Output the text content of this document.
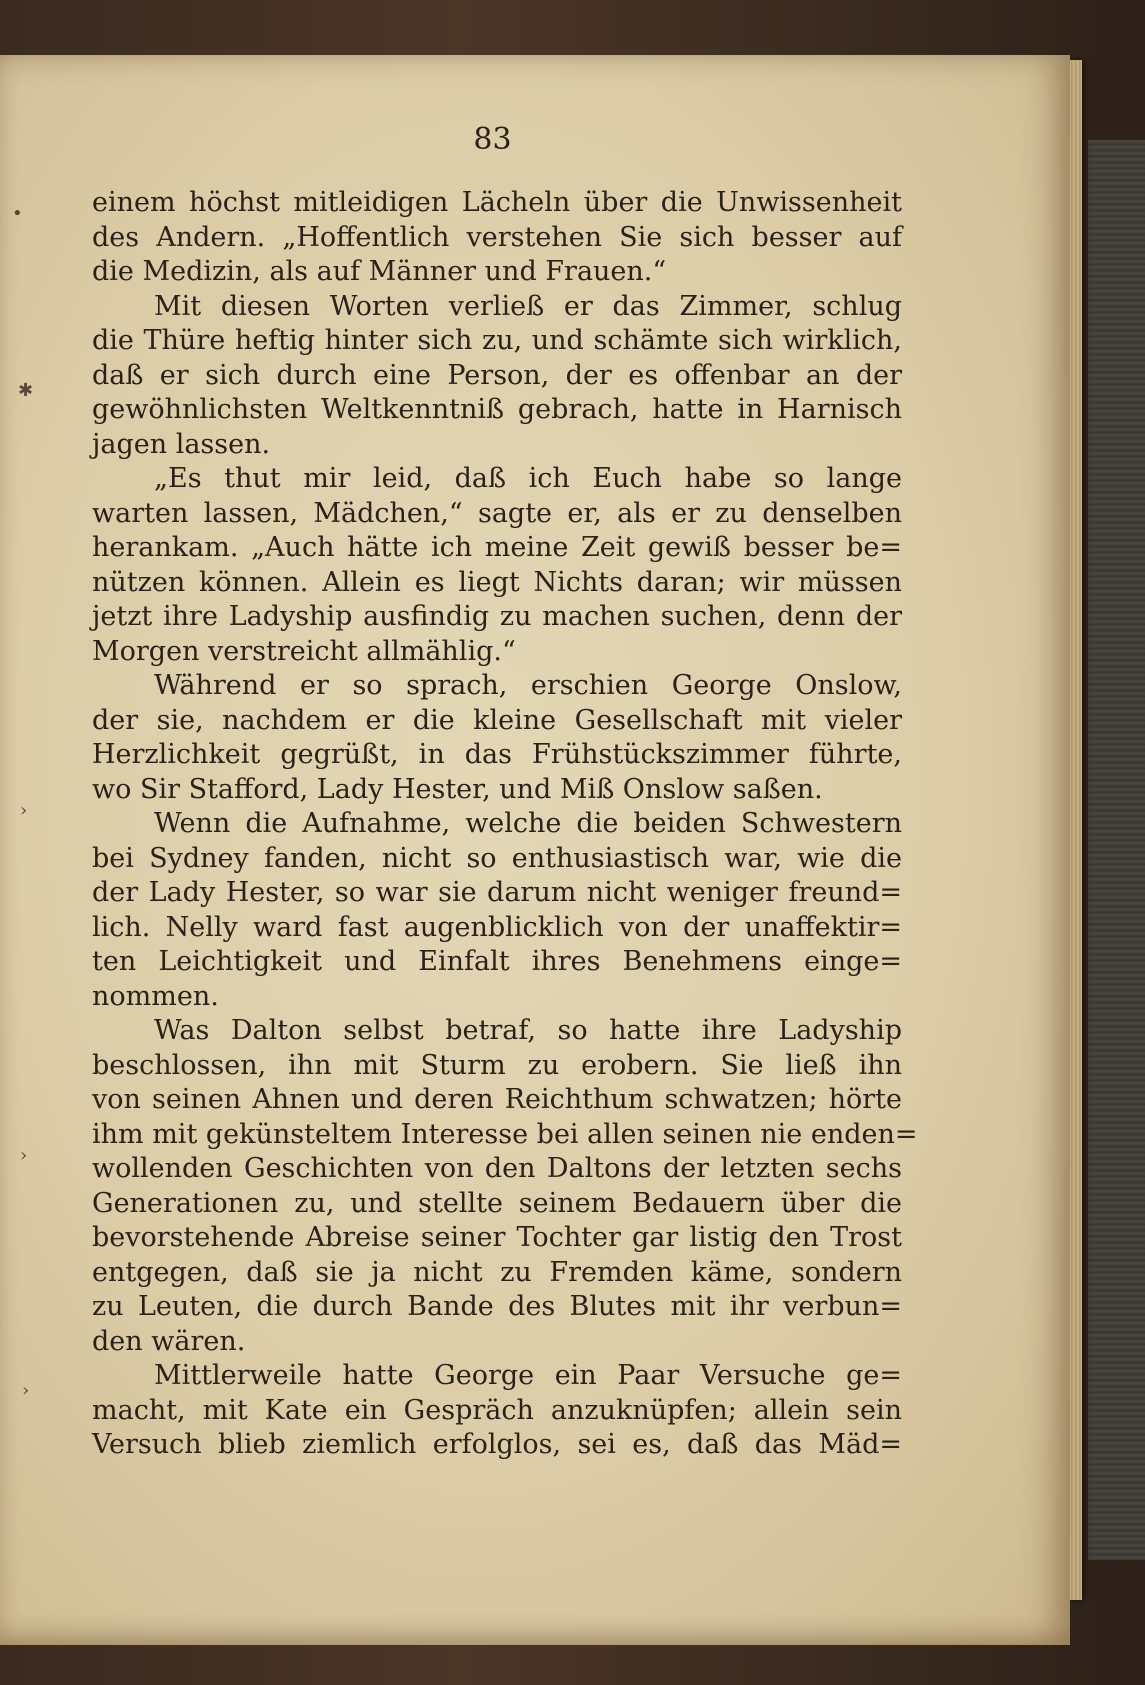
•
✱
›
›
›
83
einem höchst mitleidigen Lächeln über die Unwissenheit
des Andern. „Hoffentlich verstehen Sie sich besser auf
die Medizin, als auf Männer und Frauen.“
Mit diesen Worten verließ er das Zimmer, schlug
die Thüre heftig hinter sich zu, und schämte sich wirklich,
daß er sich durch eine Person, der es offenbar an der
gewöhnlichsten Weltkenntniß gebrach, hatte in Harnisch
jagen lassen.
„Es thut mir leid, daß ich Euch habe so lange
warten lassen, Mädchen,“ sagte er, als er zu denselben
herankam. „Auch hätte ich meine Zeit gewiß besser be=
nützen können. Allein es liegt Nichts daran; wir müssen
jetzt ihre Ladyship ausfindig zu machen suchen, denn der
Morgen verstreicht allmählig.“
Während er so sprach, erschien George Onslow,
der sie, nachdem er die kleine Gesellschaft mit vieler
Herzlichkeit gegrüßt, in das Frühstückszimmer führte,
wo Sir Stafford, Lady Hester, und Miß Onslow saßen.
Wenn die Aufnahme, welche die beiden Schwestern
bei Sydney fanden, nicht so enthusiastisch war, wie die
der Lady Hester, so war sie darum nicht weniger freund=
lich. Nelly ward fast augenblicklich von der unaffektir=
ten Leichtigkeit und Einfalt ihres Benehmens einge=
nommen.
Was Dalton selbst betraf, so hatte ihre Ladyship
beschlossen, ihn mit Sturm zu erobern. Sie ließ ihn
von seinen Ahnen und deren Reichthum schwatzen; hörte
ihm mit gekünsteltem Interesse bei allen seinen nie enden=
wollenden Geschichten von den Daltons der letzten sechs
Generationen zu, und stellte seinem Bedauern über die
bevorstehende Abreise seiner Tochter gar listig den Trost
entgegen, daß sie ja nicht zu Fremden käme, sondern
zu Leuten, die durch Bande des Blutes mit ihr verbun=
den wären.
Mittlerweile hatte George ein Paar Versuche ge=
macht, mit Kate ein Gespräch anzuknüpfen; allein sein
Versuch blieb ziemlich erfolglos, sei es, daß das Mäd=
